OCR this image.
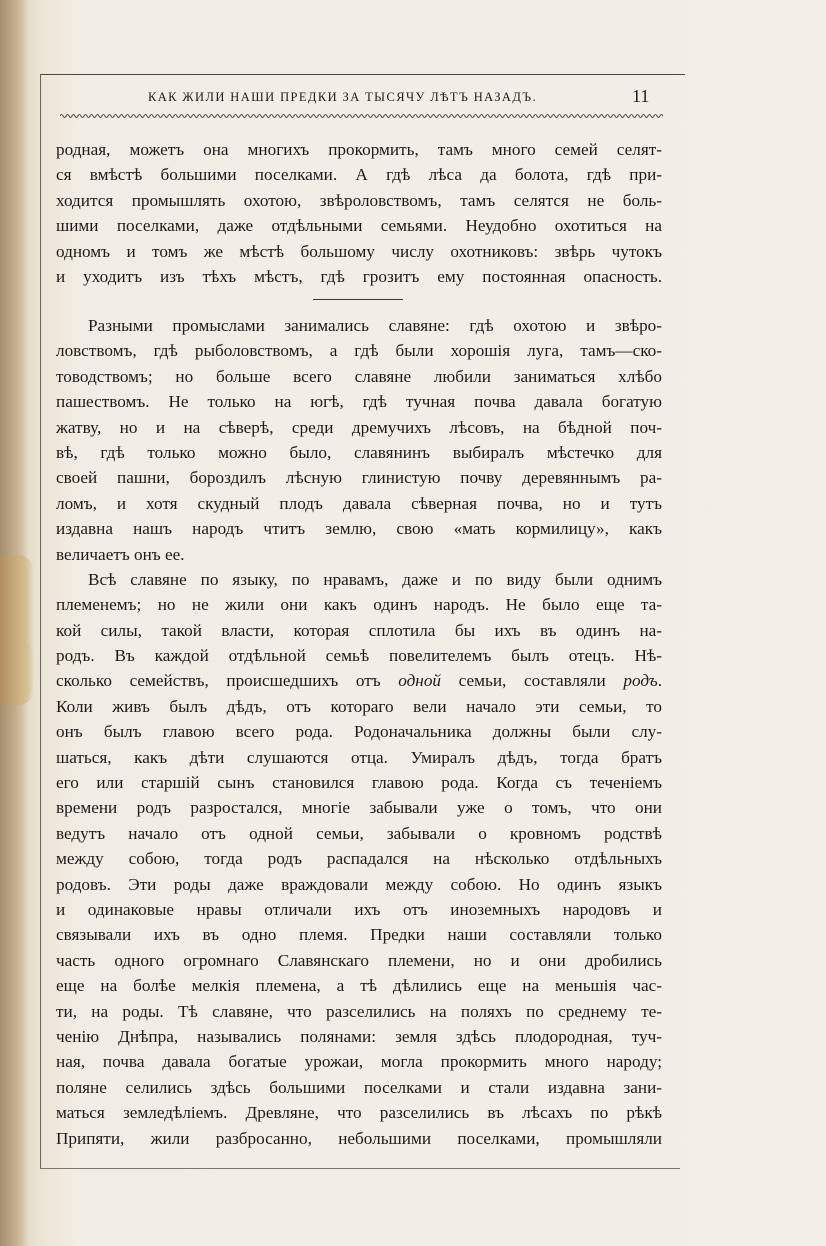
КАК ЖИЛИ НАШИ ПРЕДКИ ЗА ТЫСЯЧУ ЛѢТЪ НАЗАДЪ.	11
родная, можетъ она многихъ прокормить, тамъ много семей селят-
ся вмѣстѣ большими поселками. А гдѣ лѣса да болота, гдѣ при-
ходится промышлять охотою, звѣроловствомъ, тамъ селятся не боль-
шими поселками, даже отдѣльными семьями. Неудобно охотиться на
одномъ и томъ же мѣстѣ большому числу охотниковъ: звѣрь чутокъ
и уходитъ изъ тѣхъ мѣстъ, гдѣ грозитъ ему постоянная опасность.
Разными промыслами занимались славяне: гдѣ охотою и звѣро-
ловствомъ, гдѣ рыболовствомъ, а гдѣ были хорошія луга, тамъ—ско-
товодствомъ; но больше всего славяне любили заниматься хлѣбо
пашествомъ. Не только на югѣ, гдѣ тучная почва давала богатую
жатву, но и на сѣверѣ, среди дремучихъ лѣсовъ, на бѣдной поч-
вѣ, гдѣ только можно было, славянинъ выбиралъ мѣстечко для
своей пашни, бороздилъ лѣсную глинистую почву деревяннымъ ра-
ломъ, и хотя скудный плодъ давала сѣверная почва, но и тутъ
издавна нашъ народъ чтитъ землю, свою «мать кормилицу», какъ
величаетъ онъ ее.
Всѣ славяне по языку, по нравамъ, даже и по виду были однимъ
племенемъ; но не жили они какъ одинъ народъ. Не было еще та-
кой силы, такой власти, которая сплотила бы ихъ въ одинъ на-
родъ. Въ каждой отдѣльной семьѣ повелителемъ былъ отецъ. Нѣ-
сколько семействъ, происшедшихъ отъ одной семьи, составляли родъ.
Коли живъ былъ дѣдъ, отъ котораго вели начало эти семьи, то
онъ былъ главою всего рода. Родоначальника должны были слу-
шаться, какъ дѣти слушаются отца. Умиралъ дѣдъ, тогда братъ
его или старшій сынъ становился главою рода. Когда съ теченіемъ
времени родъ разростался, многіе забывали уже о томъ, что они
ведутъ начало отъ одной семьи, забывали о кровномъ родствѣ
между собою, тогда родъ распадался на нѣсколько отдѣльныхъ
родовъ. Эти роды даже враждовали между собою. Но одинъ языкъ
и одинаковые нравы отличали ихъ отъ иноземныхъ народовъ и
связывали ихъ въ одно племя. Предки наши составляли только
часть одного огромнаго Славянскаго племени, но и они дробились
еще на болѣе мелкія племена, а тѣ дѣлились еще на меньшія час-
ти, на роды. Тѣ славяне, что разселились на поляхъ по среднему те-
ченію Днѣпра, назывались полянами: земля здѣсь плодородная, туч-
ная, почва давала богатые урожаи, могла прокормить много народу;
поляне селились здѣсь большими поселками и стали издавна зани-
маться земледѣліемъ. Древляне, что разселились въ лѣсахъ по рѣкѣ
Припяти, жили разбросанно, небольшими поселками, промышляли
